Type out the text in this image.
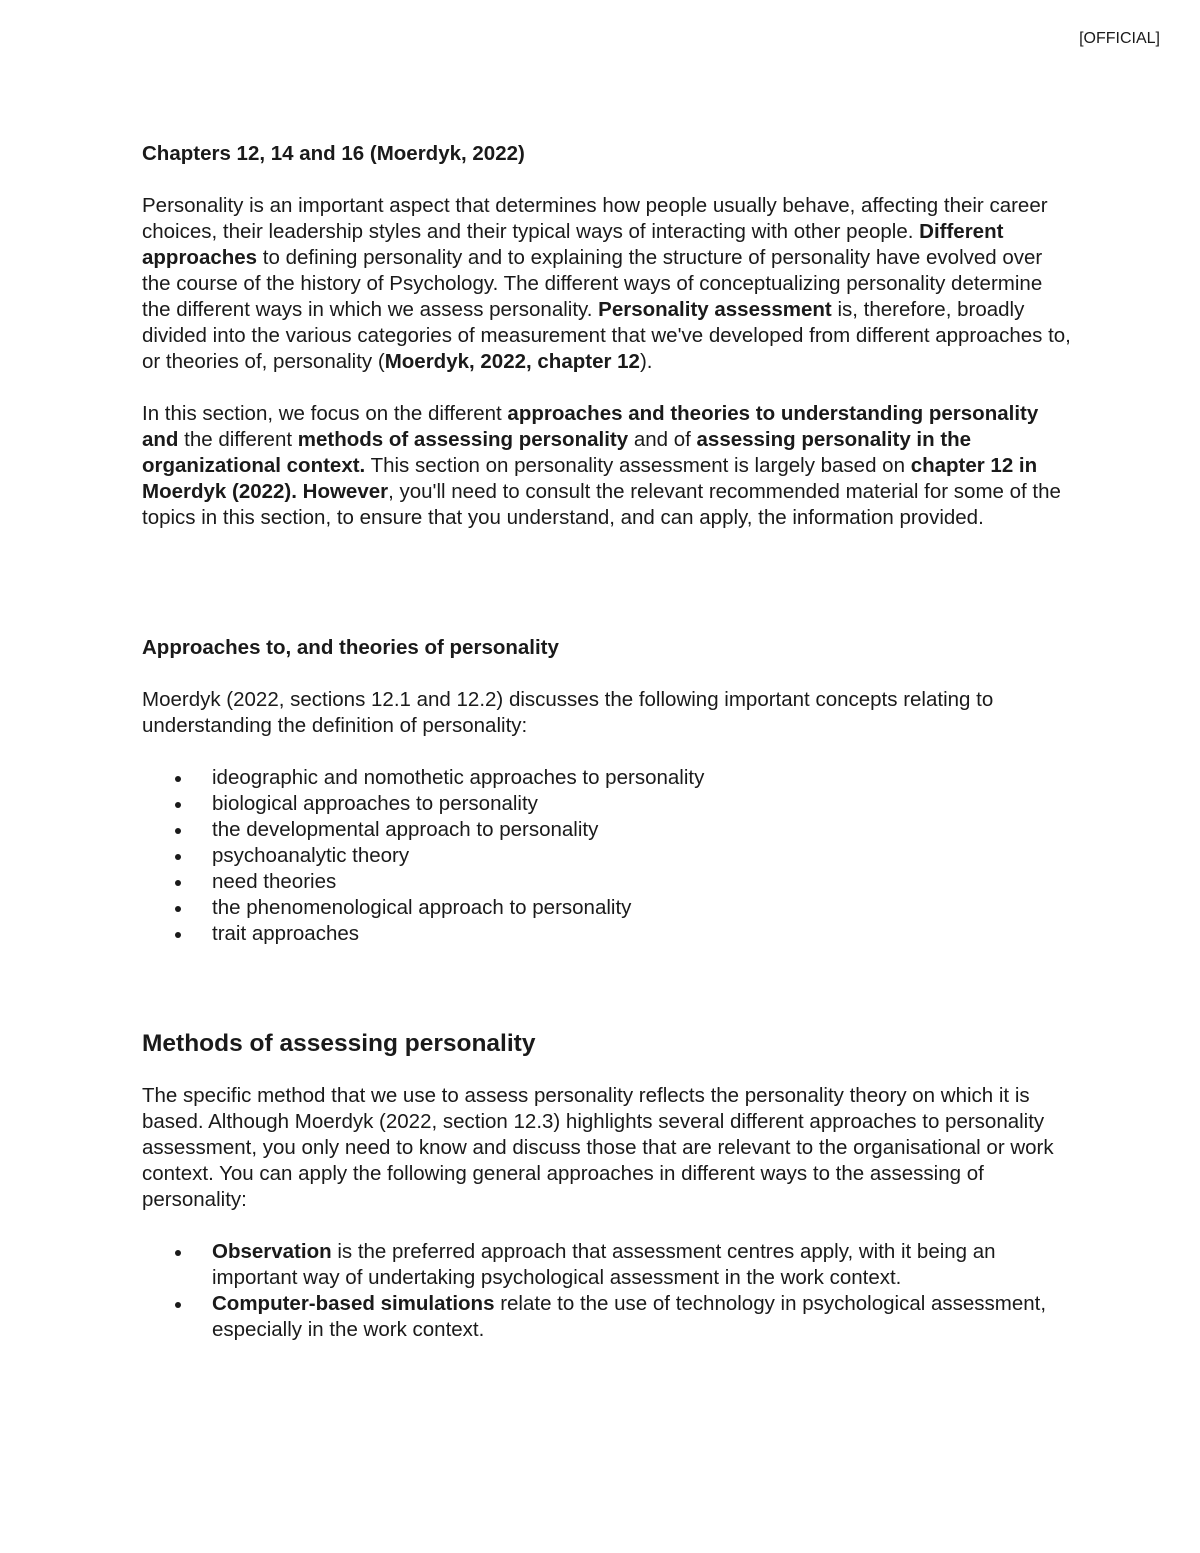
[OFFICIAL]

Chapters 12, 14 and 16 (Moerdyk, 2022)

Personality is an important aspect that determines how people usually behave, affecting their career choices, their leadership styles and their typical ways of interacting with other people. Different approaches to defining personality and to explaining the structure of personality have evolved over the course of the history of Psychology. The different ways of conceptualizing personality determine the different ways in which we assess personality. Personality assessment is, therefore, broadly divided into the various categories of measurement that we've developed from different approaches to, or theories of, personality (Moerdyk, 2022, chapter 12).

In this section, we focus on the different approaches and theories to understanding personality and the different methods of assessing personality and of assessing personality in the organizational context. This section on personality assessment is largely based on chapter 12 in Moerdyk (2022). However, you'll need to consult the relevant recommended material for some of the topics in this section, to ensure that you understand, and can apply, the information provided.

Approaches to, and theories of personality

Moerdyk (2022, sections 12.1 and 12.2) discusses the following important concepts relating to understanding the definition of personality:

ideographic and nomothetic approaches to personality
biological approaches to personality
the developmental approach to personality
psychoanalytic theory
need theories
the phenomenological approach to personality
trait approaches

Methods of assessing personality

The specific method that we use to assess personality reflects the personality theory on which it is based. Although Moerdyk (2022, section 12.3) highlights several different approaches to personality assessment, you only need to know and discuss those that are relevant to the organisational or work context. You can apply the following general approaches in different ways to the assessing of personality:

Observation is the preferred approach that assessment centres apply, with it being an important way of undertaking psychological assessment in the work context.
Computer-based simulations relate to the use of technology in psychological assessment, especially in the work context.
